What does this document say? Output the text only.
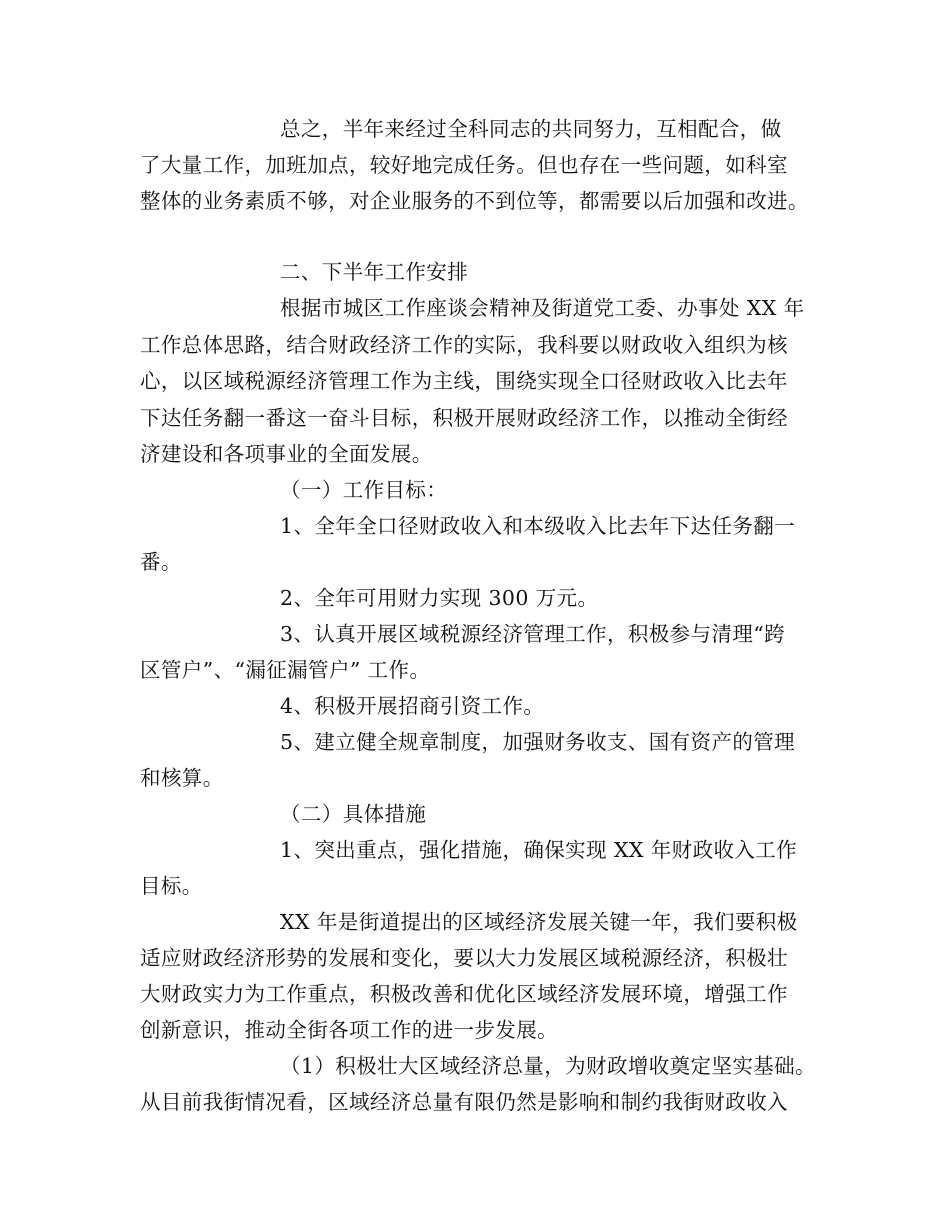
总之，半年来经过全科同志的共同努力，互相配合，做
了大量工作，加班加点，较好地完成任务。但也存在一些问题，如科室
整体的业务素质不够，对企业服务的不到位等，都需要以后加强和改进。
二、下半年工作安排
根据市城区工作座谈会精神及街道党工委、办事处 XX 年
工作总体思路，结合财政经济工作的实际，我科要以财政收入组织为核
心，以区域税源经济管理工作为主线，围绕实现全口径财政收入比去年
下达任务翻一番这一奋斗目标，积极开展财政经济工作，以推动全街经
济建设和各项事业的全面发展。
（一）工作目标：
1、全年全口径财政收入和本级收入比去年下达任务翻一
番。
2、全年可用财力实现 300 万元。
3、认真开展区域税源经济管理工作，积极参与清理“跨
区管户”、“漏征漏管户” 工作。
4、积极开展招商引资工作。
5、建立健全规章制度，加强财务收支、国有资产的管理
和核算。
（二）具体措施
1、突出重点，强化措施，确保实现 XX 年财政收入工作
目标。
XX 年是街道提出的区域经济发展关键一年，我们要积极
适应财政经济形势的发展和变化，要以大力发展区域税源经济，积极壮
大财政实力为工作重点，积极改善和优化区域经济发展环境，增强工作
创新意识，推动全街各项工作的进一步发展。
（1）积极壮大区域经济总量，为财政增收奠定坚实基础。
从目前我街情况看，区域经济总量有限仍然是影响和制约我街财政收入
